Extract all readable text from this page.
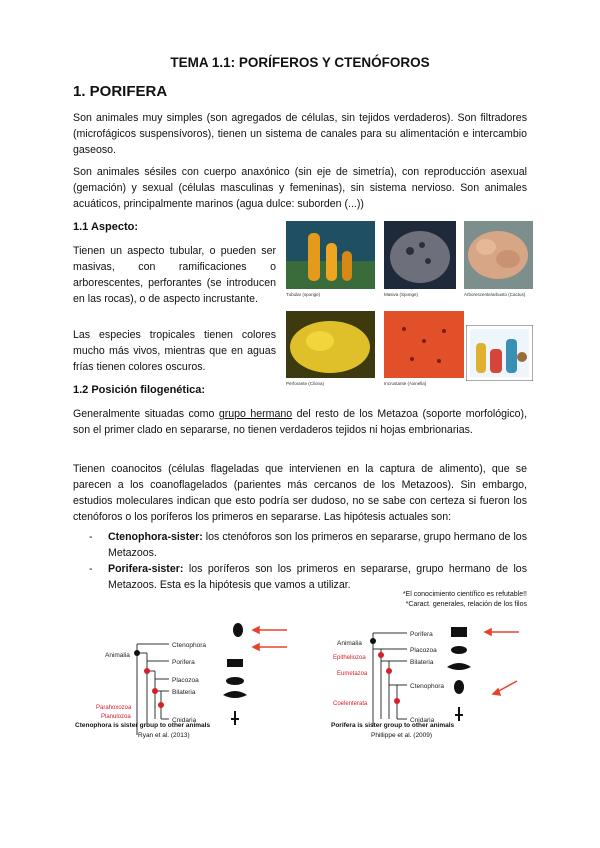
TEMA 1.1: PORÍFEROS Y CTENÓFOROS
1. PORIFERA
Son animales muy simples (son agregados de células, sin tejidos verdaderos). Son filtradores (microfágicos suspensívoros), tienen un sistema de canales para su alimentación e intercambio gaseoso.
Son animales sésiles con cuerpo anaxónico (sin eje de simetría), con reproducción asexual (gemación) y sexual (células masculinas y femeninas), sin sistema nervioso. Son animales acuáticos, principalmente marinos (agua dulce: suborden (...))
1.1 Aspecto:
Tienen un aspecto tubular, o pueden ser masivas, con ramificaciones o arborescentes, perforantes (se introducen en las rocas), o de aspecto incrustante.
Las especies tropicales tienen colores mucho más vivos, mientras que en aguas frías tienen colores oscuros.
Tubular (sponge)	Masiva (Sponge)	Arborescente/arbusto (Cactus)
Perforante (Cliona)	Incrustante (Axinella)
1.2 Posición filogenética:
Generalmente situadas como grupo hermano del resto de los Metazoa (soporte morfológico), son el primer clado en separarse, no tienen verdaderos tejidos ni hojas embrionarias.
Tienen coanocitos (células flageladas que intervienen en la captura de alimento), que se parecen a los coanoflagelados (parientes más cercanos de los Metazoos). Sin embargo, estudios moleculares indican que esto podría ser dudoso, no se sabe con certeza si fueron los ctenóforos o los poríferos los primeros en separarse. Las hipótesis actuales son:
- Ctenophora-sister: los ctenóforos son los primeros en separarse, grupo hermano de los Metazoos.
- Porifera-sister: los poríferos son los primeros en separarse, grupo hermano de los Metazoos. Esta es la hipótesis que vamos a utilizar.
*El conocimiento científico es refutable!!
*Caract. generales, relación de los filos
Animalia
Ctenophora
Porifera
Placozoa
Bilateria
Cnidaria
Parahoxozoa
Planulozoa
Ctenophora is sister group to other animals
Ryan et al. (2013)
Animalia
Porifera
Placozoa
Bilateria
Ctenophora
Cnidaria
Epitheliozoa
Eumetazoa
Coelenterata
Porifera is sister group to other animals
Phillippe et al. (2009)
